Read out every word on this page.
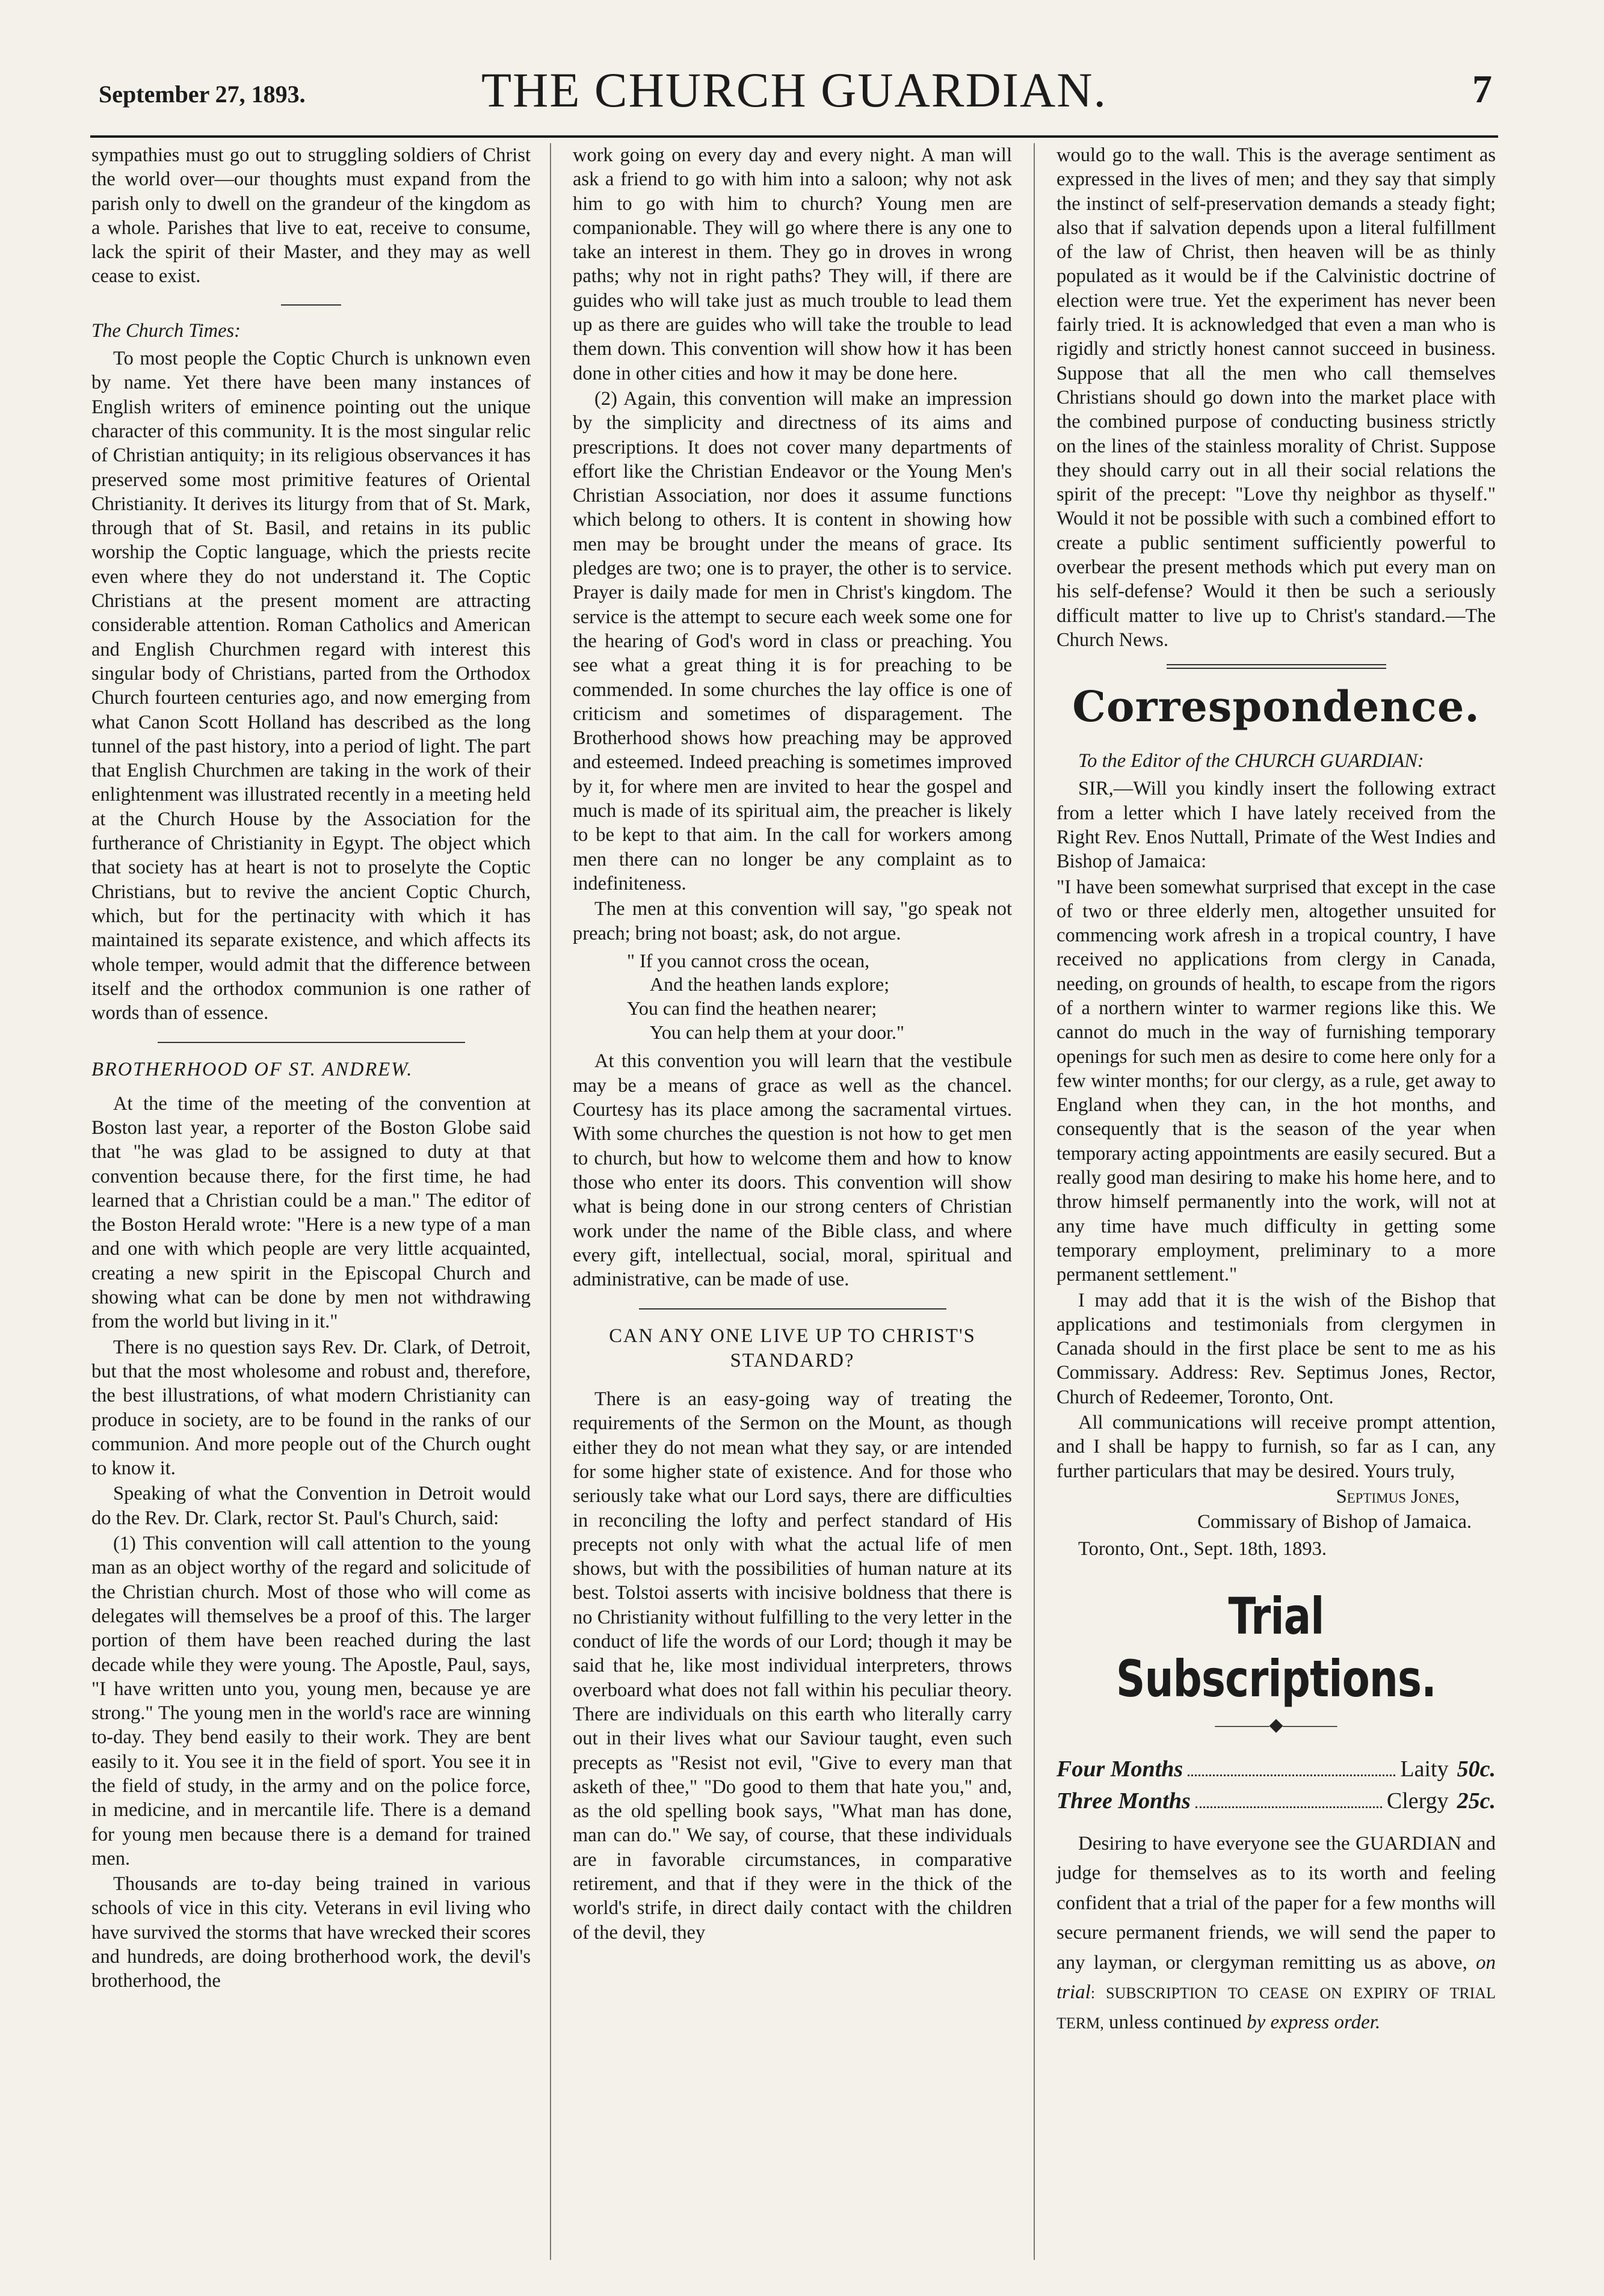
September 27, 1893.	THE CHURCH GUARDIAN.	7

sympathies must go out to struggling soldiers of Christ the world over—our thoughts must expand from the parish only to dwell on the grandeur of the kingdom as a whole. Parishes that live to eat, receive to consume, lack the spirit of their Master, and they may as well cease to exist.

The Church Times:

To most people the Coptic Church is unknown even by name. Yet there have been many instances of English writers of eminence pointing out the unique character of this community. It is the most singular relic of Christian antiquity; in its religious observances it has preserved some most primitive features of Oriental Christianity. It derives its liturgy from that of St. Mark, through that of St. Basil, and retains in its public worship the Coptic language, which the priests recite even where they do not understand it. The Coptic Christians at the present moment are attracting considerable attention. Roman Catholics and American and English Churchmen regard with interest this singular body of Christians, parted from the Orthodox Church fourteen centuries ago, and now emerging from what Canon Scott Holland has described as the long tunnel of the past history, into a period of light. The part that English Churchmen are taking in the work of their enlightenment was illustrated recently in a meeting held at the Church House by the Association for the furtherance of Christianity in Egypt. The object which that society has at heart is not to proselyte the Coptic Christians, but to revive the ancient Coptic Church, which, but for the pertinacity with which it has maintained its separate existence, and which affects its whole temper, would admit that the difference between itself and the orthodox communion is one rather of words than of essence.

BROTHERHOOD OF ST. ANDREW.

At the time of the meeting of the convention at Boston last year, a reporter of the Boston Globe said that "he was glad to be assigned to duty at that convention because there, for the first time, he had learned that a Christian could be a man." The editor of the Boston Herald wrote: "Here is a new type of a man and one with which people are very little acquainted, creating a new spirit in the Episcopal Church and showing what can be done by men not withdrawing from the world but living in it."

There is no question says Rev. Dr. Clark, of Detroit, but that the most wholesome and robust and, therefore, the best illustrations, of what modern Christianity can produce in society, are to be found in the ranks of our communion. And more people out of the Church ought to know it.

Speaking of what the Convention in Detroit would do the Rev. Dr. Clark, rector St. Paul's Church, said:

(1) This convention will call attention to the young man as an object worthy of the regard and solicitude of the Christian church. Most of those who will come as delegates will themselves be a proof of this. The larger portion of them have been reached during the last decade while they were young. The Apostle, Paul, says, "I have written unto you, young men, because ye are strong." The young men in the world's race are winning to-day. They bend easily to their work. They are bent easily to it. You see it in the field of sport. You see it in the field of study, in the army and on the police force, in medicine, and in mercantile life. There is a demand for young men because there is a demand for trained men.

Thousands are to-day being trained in various schools of vice in this city. Veterans in evil living who have survived the storms that have wrecked their scores and hundreds, are doing brotherhood work, the devil's brotherhood, the

work going on every day and every night. A man will ask a friend to go with him into a saloon; why not ask him to go with him to church? Young men are companionable. They will go where there is any one to take an interest in them. They go in droves in wrong paths; why not in right paths? They will, if there are guides who will take just as much trouble to lead them up as there are guides who will take the trouble to lead them down. This convention will show how it has been done in other cities and how it may be done here.

(2) Again, this convention will make an impression by the simplicity and directness of its aims and prescriptions. It does not cover many departments of effort like the Christian Endeavor or the Young Men's Christian Association, nor does it assume functions which belong to others. It is content in showing how men may be brought under the means of grace. Its pledges are two; one is to prayer, the other is to service. Prayer is daily made for men in Christ's kingdom. The service is the attempt to secure each week some one for the hearing of God's word in class or preaching. You see what a great thing it is for preaching to be commended. In some churches the lay office is one of criticism and sometimes of disparagement. The Brotherhood shows how preaching may be approved and esteemed. Indeed preaching is sometimes improved by it, for where men are invited to hear the gospel and much is made of its spiritual aim, the preacher is likely to be kept to that aim. In the call for workers among men there can no longer be any complaint as to indefiniteness.

The men at this convention will say, "go speak not preach; bring not boast; ask, do not argue.

" If you cannot cross the ocean,
And the heathen lands explore;
You can find the heathen nearer;
You can help them at your door."

At this convention you will learn that the vestibule may be a means of grace as well as the chancel. Courtesy has its place among the sacramental virtues. With some churches the question is not how to get men to church, but how to welcome them and how to know those who enter its doors. This convention will show what is being done in our strong centers of Christian work under the name of the Bible class, and where every gift, intellectual, social, moral, spiritual and administrative, can be made of use.

CAN ANY ONE LIVE UP TO CHRIST'S STANDARD?

There is an easy-going way of treating the requirements of the Sermon on the Mount, as though either they do not mean what they say, or are intended for some higher state of existence. And for those who seriously take what our Lord says, there are difficulties in reconciling the lofty and perfect standard of His precepts not only with what the actual life of men shows, but with the possibilities of human nature at its best. Tolstoi asserts with incisive boldness that there is no Christianity without fulfilling to the very letter in the conduct of life the words of our Lord; though it may be said that he, like most individual interpreters, throws overboard what does not fall within his peculiar theory. There are individuals on this earth who literally carry out in their lives what our Saviour taught, even such precepts as "Resist not evil, "Give to every man that asketh of thee," "Do good to them that hate you," and, as the old spelling book says, "What man has done, man can do." We say, of course, that these individuals are in favorable circumstances, in comparative retirement, and that if they were in the thick of the world's strife, in direct daily contact with the children of the devil, they

would go to the wall. This is the average sentiment as expressed in the lives of men; and they say that simply the instinct of self-preservation demands a steady fight; also that if salvation depends upon a literal fulfillment of the law of Christ, then heaven will be as thinly populated as it would be if the Calvinistic doctrine of election were true. Yet the experiment has never been fairly tried. It is acknowledged that even a man who is rigidly and strictly honest cannot succeed in business. Suppose that all the men who call themselves Christians should go down into the market place with the combined purpose of conducting business strictly on the lines of the stainless morality of Christ. Suppose they should carry out in all their social relations the spirit of the precept: "Love thy neighbor as thyself." Would it not be possible with such a combined effort to create a public sentiment sufficiently powerful to overbear the present methods which put every man on his self-defense? Would it then be such a seriously difficult matter to live up to Christ's standard.—The Church News.

Correspondence.

To the Editor of the CHURCH GUARDIAN:

SIR,—Will you kindly insert the following extract from a letter which I have lately received from the Right Rev. Enos Nuttall, Primate of the West Indies and Bishop of Jamaica:

"I have been somewhat surprised that except in the case of two or three elderly men, altogether unsuited for commencing work afresh in a tropical country, I have received no applications from clergy in Canada, needing, on grounds of health, to escape from the rigors of a northern winter to warmer regions like this. We cannot do much in the way of furnishing temporary openings for such men as desire to come here only for a few winter months; for our clergy, as a rule, get away to England when they can, in the hot months, and consequently that is the season of the year when temporary acting appointments are easily secured. But a really good man desiring to make his home here, and to throw himself permanently into the work, will not at any time have much difficulty in getting some temporary employment, preliminary to a more permanent settlement."

I may add that it is the wish of the Bishop that applications and testimonials from clergymen in Canada should in the first place be sent to me as his Commissary. Address: Rev. Septimus Jones, Rector, Church of Redeemer, Toronto, Ont.

All communications will receive prompt attention, and I shall be happy to furnish, so far as I can, any further particulars that may be desired. Yours truly,

Septimus Jones,

Commissary of Bishop of Jamaica.

Toronto, Ont., Sept. 18th, 1893.

Trial Subscriptions.
———◆———
Four Months	Laity 50c.
Three Months	Clergy 25c.

Desiring to have everyone see the GUARDIAN and judge for themselves as to its worth and feeling confident that a trial of the paper for a few months will secure permanent friends, we will send the paper to any layman, or clergyman remitting us as above, on trial: SUBSCRIPTION TO CEASE ON EXPIRY OF TRIAL TERM, unless continued by express order.
